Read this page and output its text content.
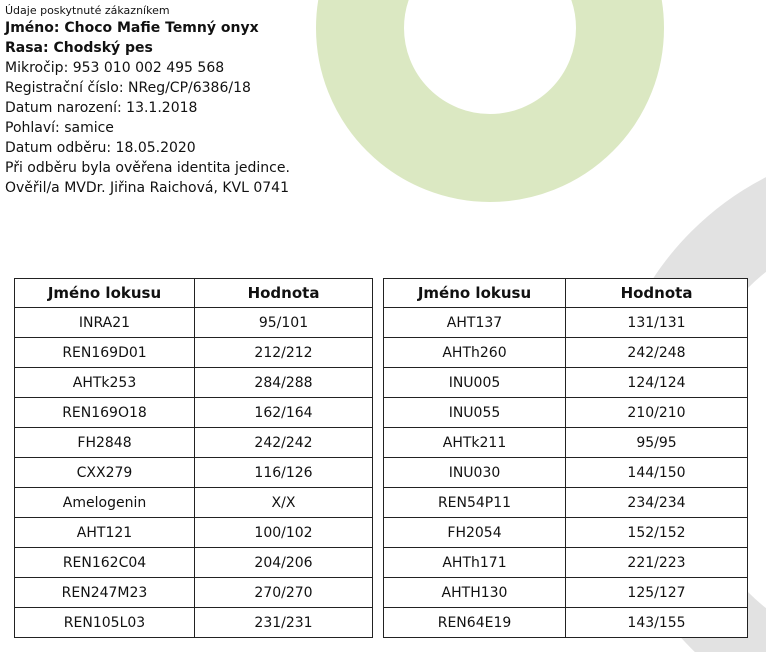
Údaje poskytnuté zákazníkem
Jméno: Choco Mafie Temný onyx
Rasa: Chodský pes
Mikročip: 953 010 002 495 568
Registrační číslo: NReg/CP/6386/18
Datum narození: 13.1.2018
Pohlaví: samice
Datum odběru: 18.05.2020
Při odběru byla ověřena identita jedince.
Ověřil/a MVDr. Jiřina Raichová, KVL 0741
Jméno lokusu	Hodnota		Jméno lokusu	Hodnota
INRA21	95/101		AHT137	131/131
REN169D01	212/212		AHTh260	242/248
AHTk253	284/288		INU005	124/124
REN169O18	162/164		INU055	210/210
FH2848	242/242		AHTk211	95/95
CXX279	116/126		INU030	144/150
Amelogenin	X/X		REN54P11	234/234
AHT121	100/102		FH2054	152/152
REN162C04	204/206		AHTh171	221/223
REN247M23	270/270		AHTH130	125/127
REN105L03	231/231		REN64E19	143/155
